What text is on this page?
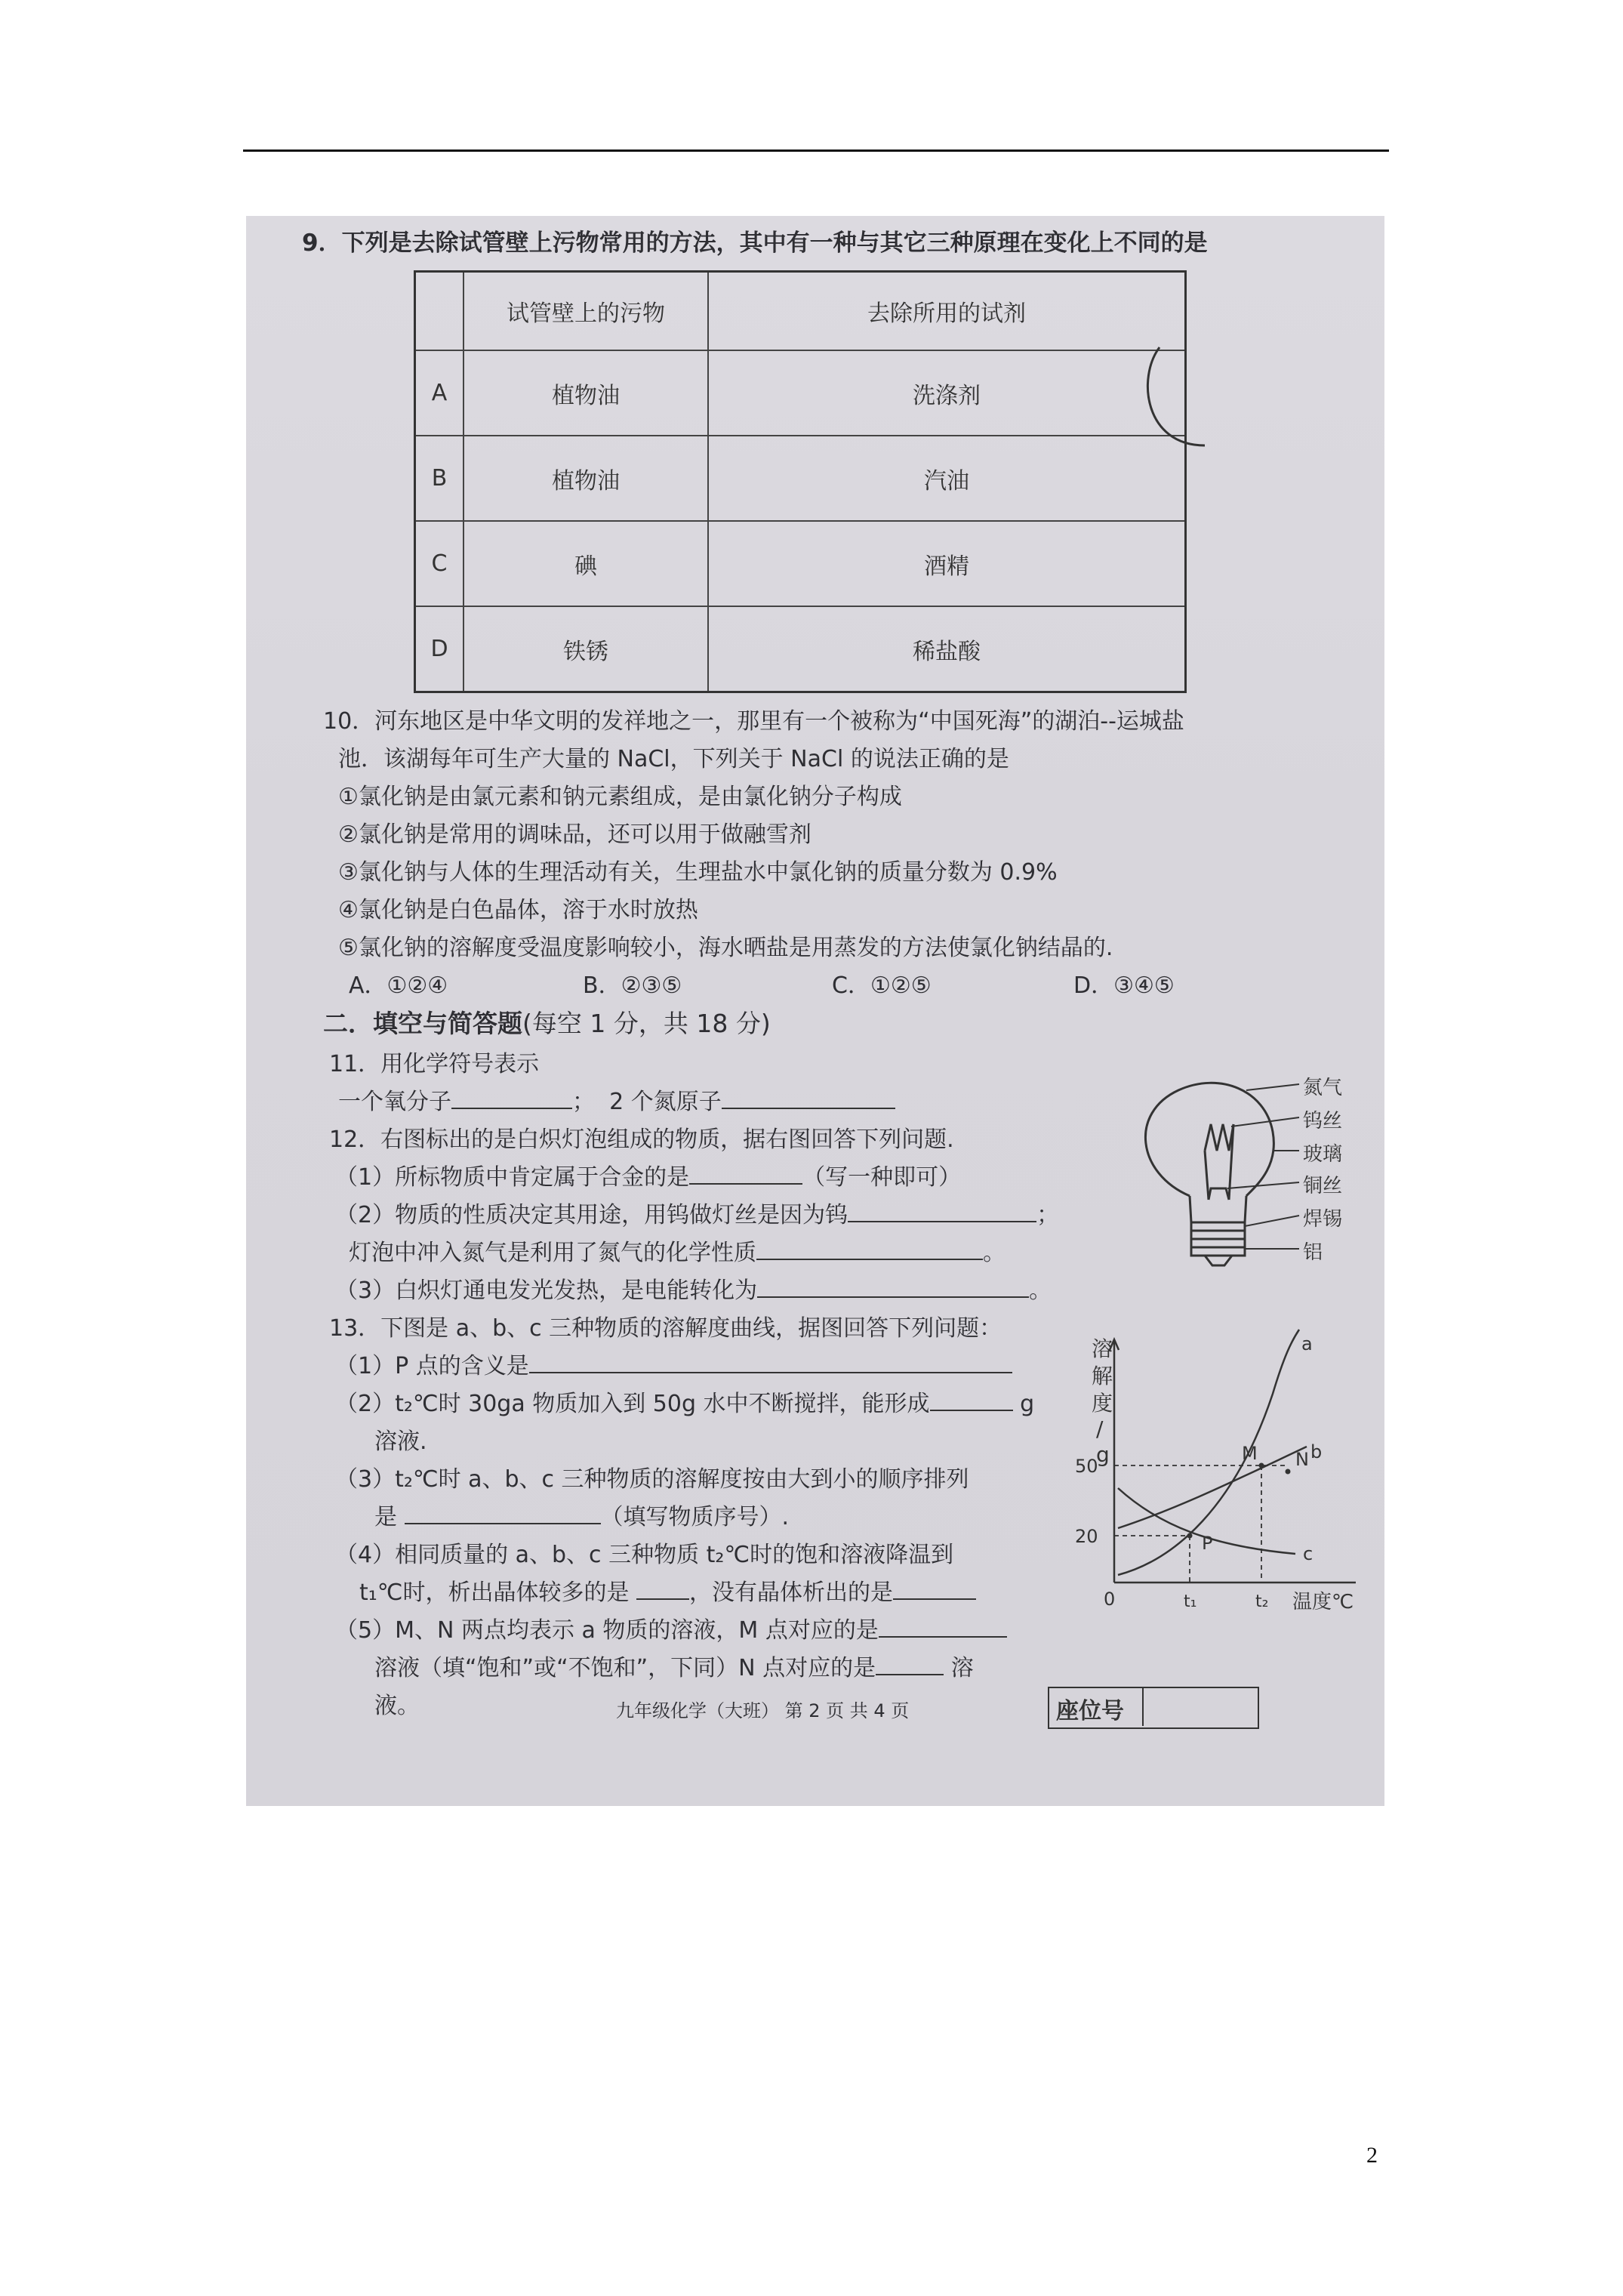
9．下列是去除试管壁上污物常用的方法，其中有一种与其它三种原理在变化上不同的是
	试管壁上的污物	去除所用的试剂
A	植物油	洗涤剂
B	植物油	汽油
C	碘	酒精
D	铁锈	稀盐酸
10．河东地区是中华文明的发祥地之一，那里有一个被称为“中国死海”的湖泊--运城盐
池．该湖每年可生产大量的 NaCl，下列关于 NaCl 的说法正确的是
①氯化钠是由氯元素和钠元素组成，是由氯化钠分子构成
②氯化钠是常用的调味品，还可以用于做融雪剂
③氯化钠与人体的生理活动有关，生理盐水中氯化钠的质量分数为 0.9%
④氯化钠是白色晶体，溶于水时放热
⑤氯化钠的溶解度受温度影响较小，海水晒盐是用蒸发的方法使氯化钠结晶的.
A．①②④	B．②③⑤	C．①②⑤	D．③④⑤
二．填空与简答题(每空 1 分，共 18 分)
11．用化学符号表示
一个氧分子	； 2 个氮原子
12．右图标出的是白炽灯泡组成的物质，据右图回答下列问题.
（1）所标物质中肯定属于合金的是	（写一种即可）
（2）物质的性质决定其用途，用钨做灯丝是因为钨	；
灯泡中冲入氮气是利用了氮气的化学性质	。
（3）白炽灯通电发光发热，是电能转化为	。
氮气
钨丝
玻璃
铜丝
焊锡
铝
13．下图是 a、b、c 三种物质的溶解度曲线，据图回答下列问题：
（1）P 点的含义是
（2）t₂℃时 30ga 物质加入到 50g 水中不断搅拌，能形成	g
溶液.
（3）t₂℃时 a、b、c 三种物质的溶解度按由大到小的顺序排列
是	（填写物质序号）.
（4）相同质量的 a、b、c 三种物质 t₂℃时的饱和溶液降温到
t₁℃时，析出晶体较多的是	，没有晶体析出的是
（5）M、N 两点均表示 a 物质的溶液，M 点对应的是
溶液（填“饱和”或“不饱和”，下同）N 点对应的是	溶
液。
a
b
c
20
50
t₁	t₂
M N
P
溶
解
度
/
g
0	温度℃
九年级化学（大班） 第 2 页 共 4 页	座位号
2
